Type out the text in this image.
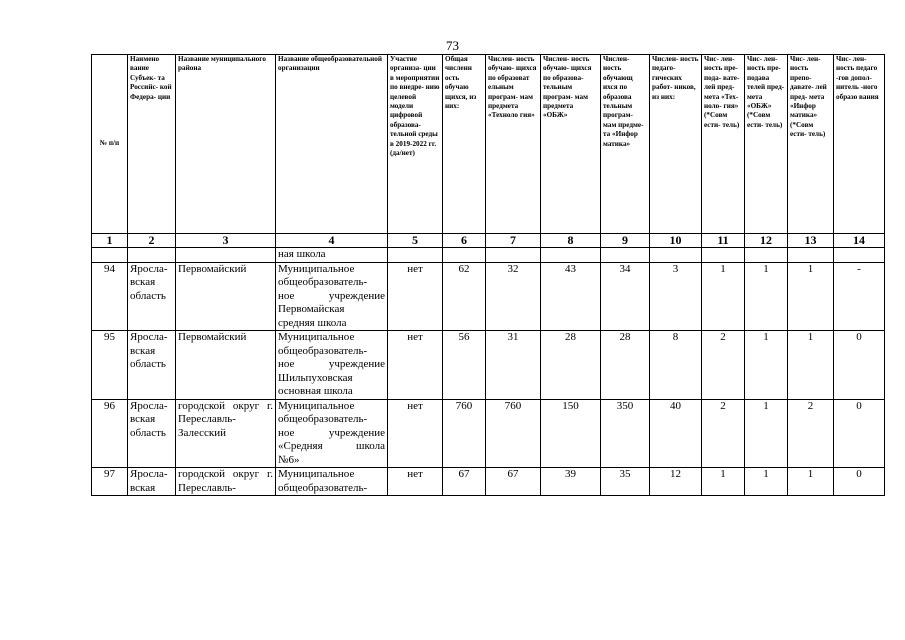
73
№ п/п	Наимено вание Субъек- та Российс- кой Федера- ции	Название муниципального района	Название общеобразовательной организации	Участие организа- ции в мероприятии по внедре- нию целевой модели цифровой образова- тельной среды в 2019-2022 гг. (да/нет)	Общая численн ость обучаю щихся, из них:	Числен- ность обучаю- щихся по образоват ельным програм- мам предмета «Техноло гия»	Числен- ность обучаю- щихся по образова- тельным програм- мам предмета «ОБЖ»	Числен- ность обучающ ихся по образова тельным програм- мам предме- та «Инфор матика»	Числен- ность педаго- гических работ- ников, из них:	Чис- лен- ность пре- пода- вате- лей пред- мета «Тех- ноло- гия» (*Совм ести- тель)	Чис- лен- ность пре- подава телей пред- мета «ОБЖ» (*Совм ести- тель)	Чис- лен- ность препо- давате- лей пред- мета «Инфор матика» (*Совм ести- тель)	Чис- лен- ность педаго -гов допол- нитель -ного образо вания
1	2	3	4	5	6	7	8	9	10	11	12	13	14
			ная школа										
94	Яросла- вская область	Первомайский	Муниципальное
общеобразователь-
ное учреждение
Первомайская
средняя школа	нет	62	32	43	34	3	1	1	1	-
95	Яросла- вская область	Первомайский	Муниципальное
общеобразователь-
ное учреждение
Шильпуховская
основная школа	нет	56	31	28	28	8	2	1	1	0
96	Яросла- вская область	городской округ г. Переславль- Залесский	Муниципальное
общеобразователь-
ное учреждение
«Средняя школа
№6»	нет	760	760	150	350	40	2	1	2	0
97	Яросла- вская	городской округ г. Переславль-	Муниципальное
общеобразователь-	нет	67	67	39	35	12	1	1	1	0
